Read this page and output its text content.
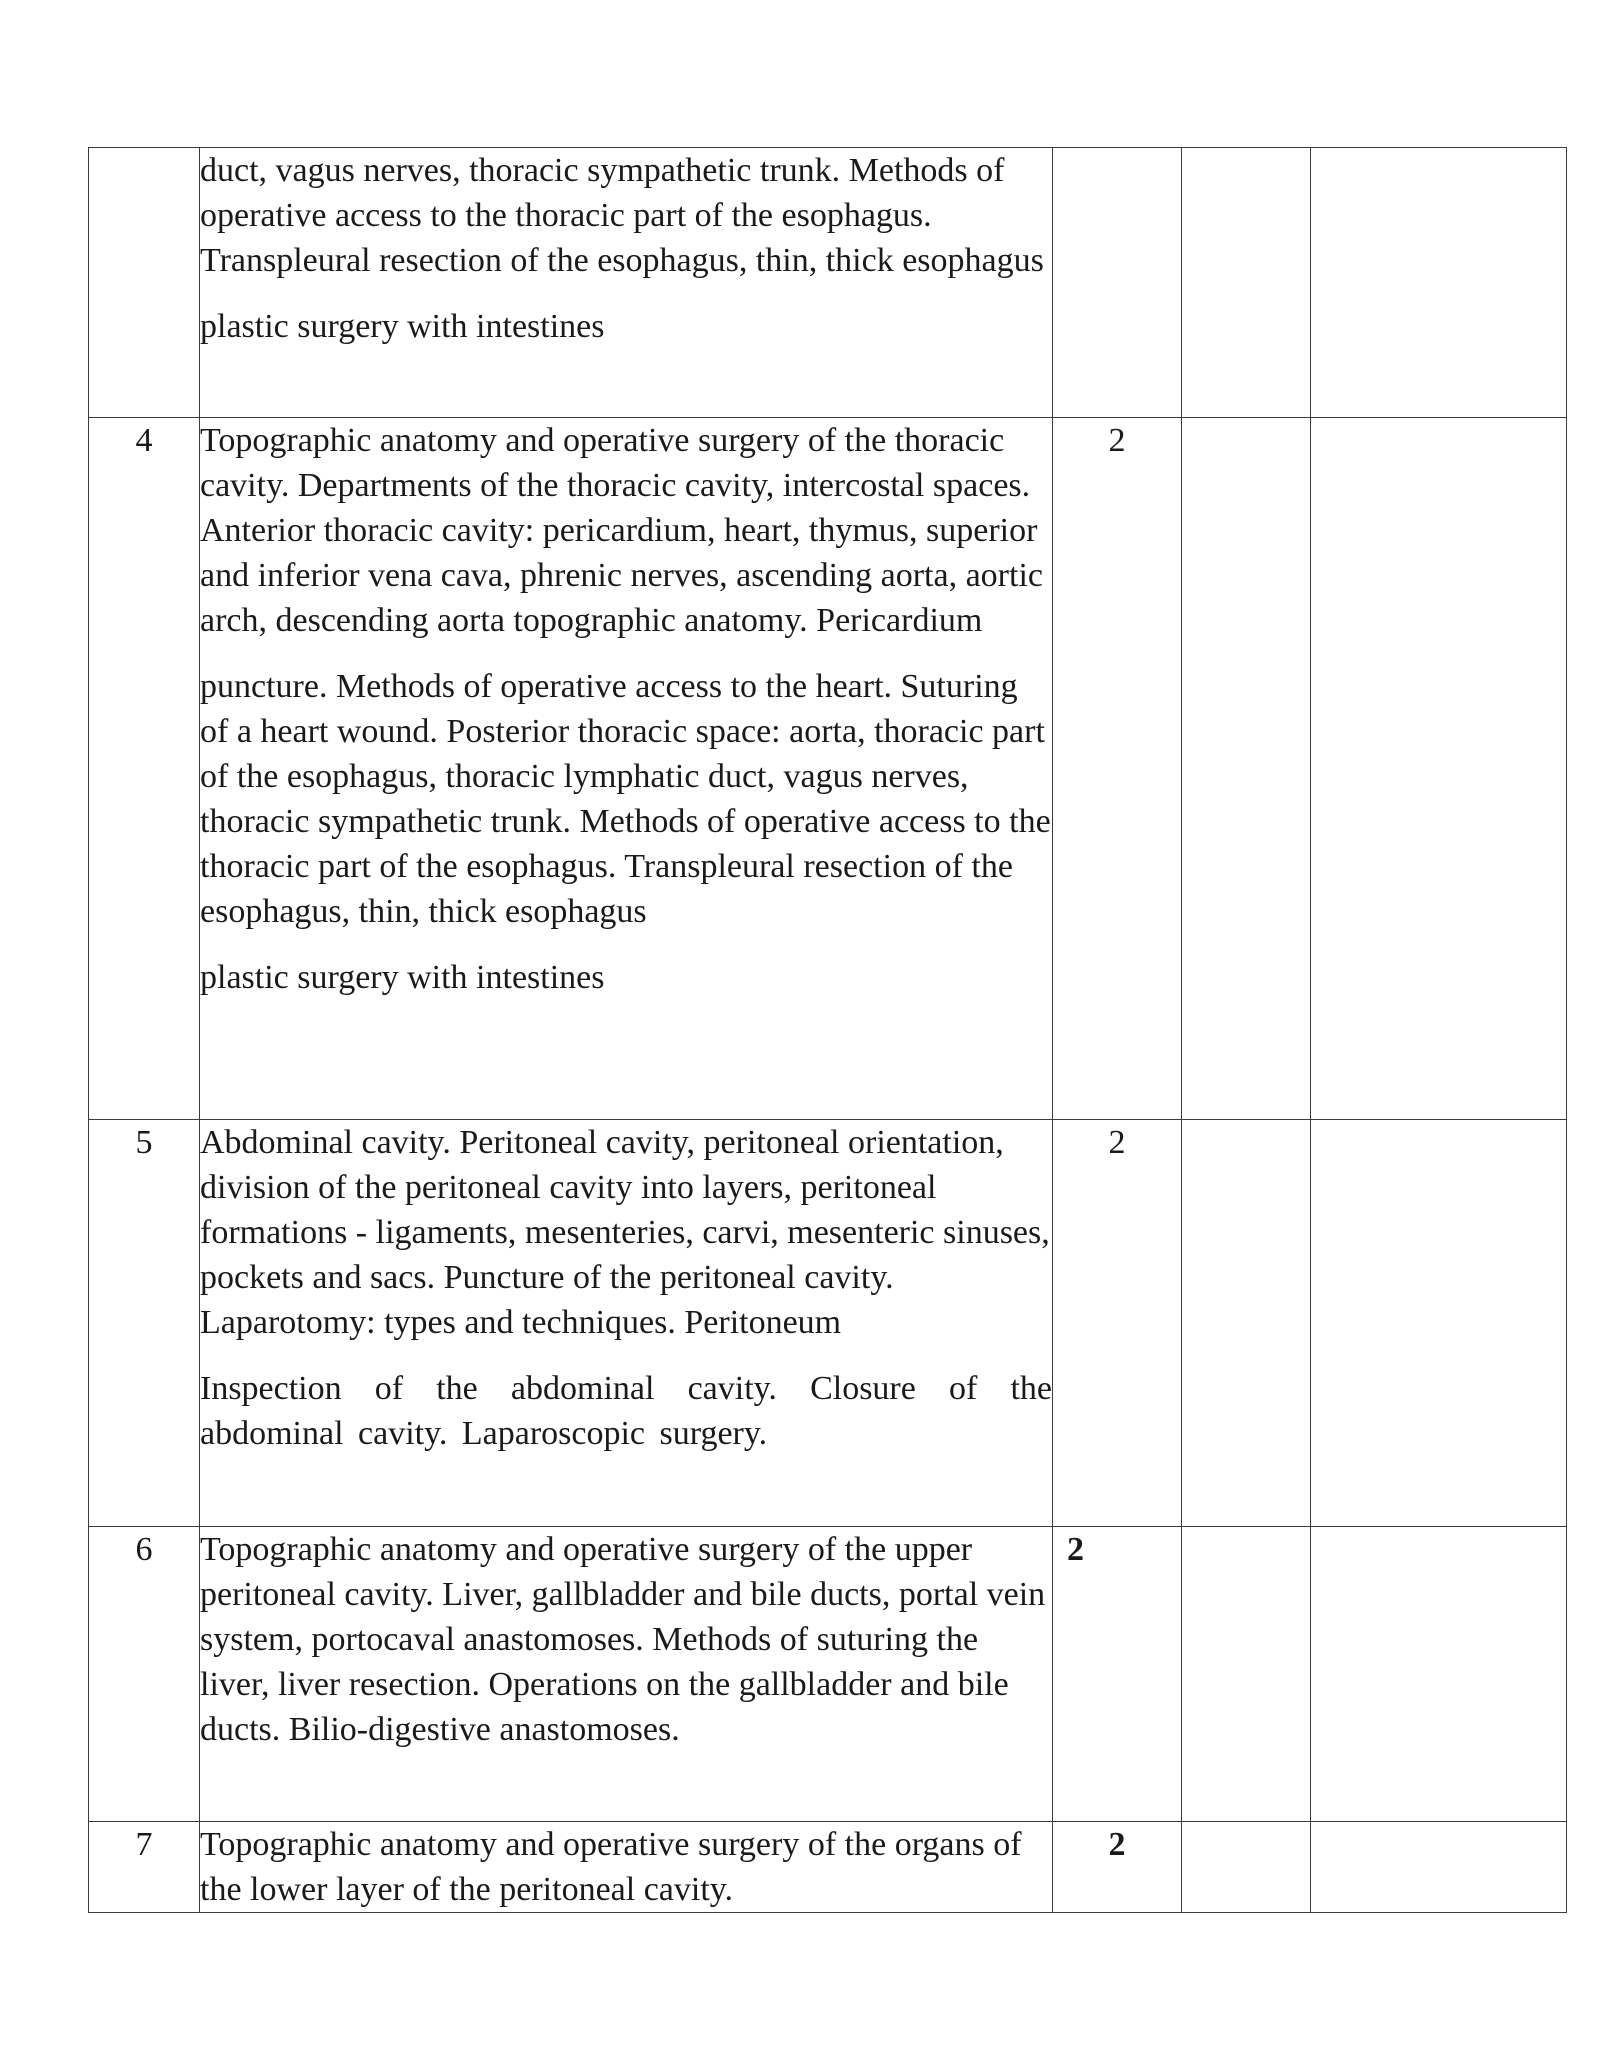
	duct, vagus nerves, thoracic sympathetic trunk. Methods of operative access to the thoracic part of the esophagus. Transpleural resection of the esophagus, thin, thick esophagus

plastic surgery with intestines			

4	Topographic anatomy and operative surgery of the thoracic cavity. Departments of the thoracic cavity, intercostal spaces. Anterior thoracic cavity: pericardium, heart, thymus, superior and inferior vena cava, phrenic nerves, ascending aorta, aortic arch, descending aorta topographic anatomy. Pericardium

puncture. Methods of operative access to the heart. Suturing of a heart wound. Posterior thoracic space: aorta, thoracic part of the esophagus, thoracic lymphatic duct, vagus nerves, thoracic sympathetic trunk. Methods of operative access to the thoracic part of the esophagus. Transpleural resection of the esophagus, thin, thick esophagus

plastic surgery with intestines	2		
5	Abdominal cavity. Peritoneal cavity, peritoneal orientation, division of the peritoneal cavity into layers, peritoneal formations - ligaments, mesenteries, carvi, mesenteric sinuses, pockets and sacs. Puncture of the peritoneal cavity. Laparotomy: types and techniques. Peritoneum

Inspection of the abdominal cavity. Closure of the abdominal cavity. Laparoscopic surgery.	2		
6	Topographic anatomy and operative surgery of the upper peritoneal cavity. Liver, gallbladder and bile ducts, portal vein system, portocaval anastomoses. Methods of suturing the liver, liver resection. Operations on the gallbladder and bile ducts. Bilio-digestive anastomoses.	2		
7	Topographic anatomy and operative surgery of the organs of the lower layer of the peritoneal cavity.	2		
